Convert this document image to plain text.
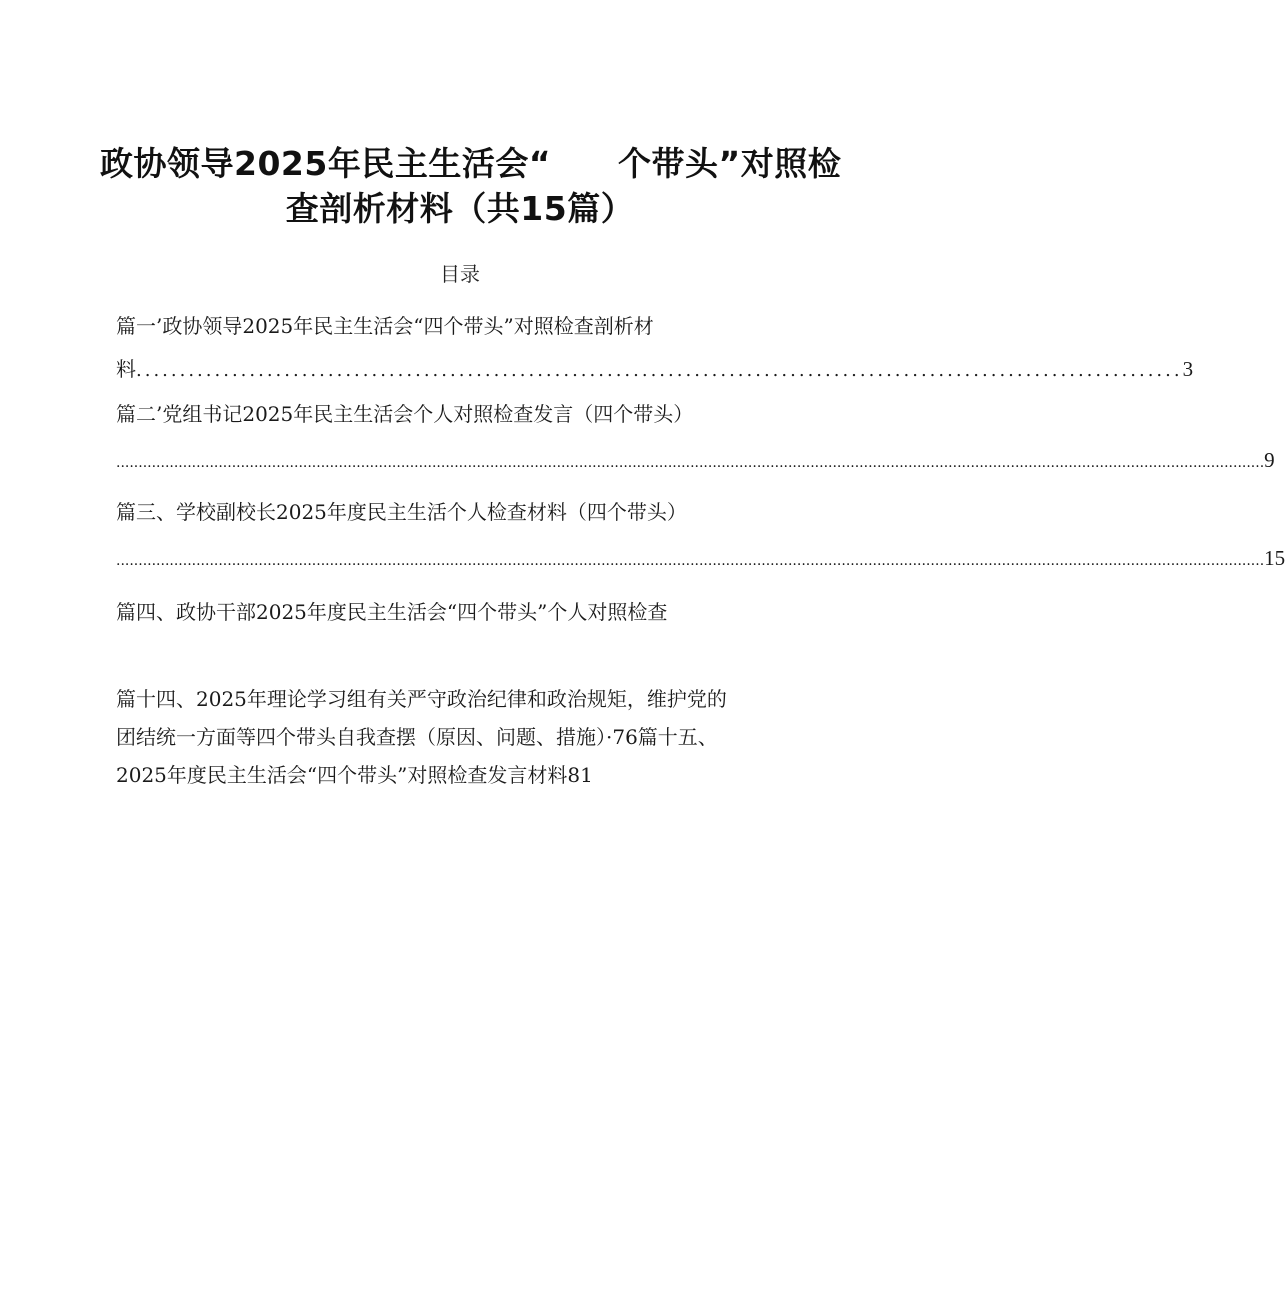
政协领导2025年民主生活会“　　个带头”对照检
查剖析材料（共15篇）
目录
篇一’政协领导2025年民主生活会“四个带头”对照检查剖析材
料 ........................................................................................................................ 3
篇二’党组书记2025年民主生活会个人对照检查发言（四个带头）
.................................................................................................................................................................................................................................................................. 9
篇三、学校副校长2025年度民主生活个人检查材料（四个带头）
.................................................................................................................................................................................................................................................................. 15
篇四、政协干部2025年度民主生活会“四个带头”个人对照检查
篇十四、2025年理论学习组有关严守政治纪律和政治规矩，维护党的
团结统一方面等四个带头自我查摆（原因、问题、措施）·76篇十五、
2025年度民主生活会“四个带头”对照检查发言材料81
